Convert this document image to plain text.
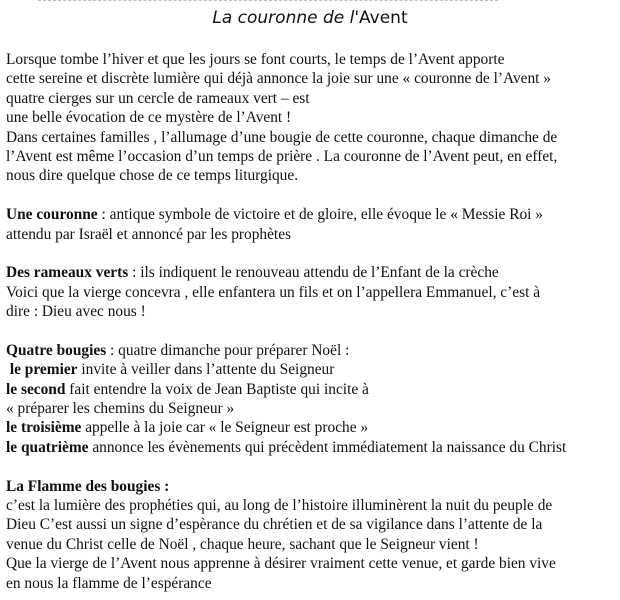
La couronne de l'Avent
Lorsque tombe l’hiver et que les jours se font courts, le temps de l’Avent apporte
cette sereine et discrète lumière qui déjà annonce la joie sur une « couronne de l’Avent »
quatre cierges sur un cercle de rameaux vert – est
une belle évocation de ce mystère de l’Avent !
Dans certaines familles , l’allumage d’une bougie de cette couronne, chaque dimanche de
l’Avent est même l’occasion d’un temps de prière . La couronne de l’Avent peut, en effet,
nous dire quelque chose de ce temps liturgique.
Une couronne : antique symbole de victoire et de gloire, elle évoque le « Messie Roi »
attendu par Israël et annoncé par les prophètes
Des rameaux verts : ils indiquent le renouveau attendu de l’Enfant de la crèche
Voici que la vierge concevra , elle enfantera un fils et on l’appellera Emmanuel, c’est à
dire : Dieu avec nous !
Quatre bougies : quatre dimanche pour préparer Noël :
le premier invite à veiller dans l’attente du Seigneur
le second fait entendre la voix de Jean Baptiste qui incite à
« préparer les chemins du Seigneur »
le troisième appelle à la joie car « le Seigneur est proche »
le quatrième annonce les évènements qui précèdent immédiatement la naissance du Christ
La Flamme des bougies :
c’est la lumière des prophéties qui, au long de l’histoire illuminèrent la nuit du peuple de
Dieu C’est aussi un signe d’espèrance du chrétien et de sa vigilance dans l’attente de la
venue du Christ celle de Noël , chaque heure, sachant que le Seigneur vient !
Que la vierge de l’Avent nous apprenne à désirer vraiment cette venue, et garde bien vive
en nous la flamme de l’espérance
